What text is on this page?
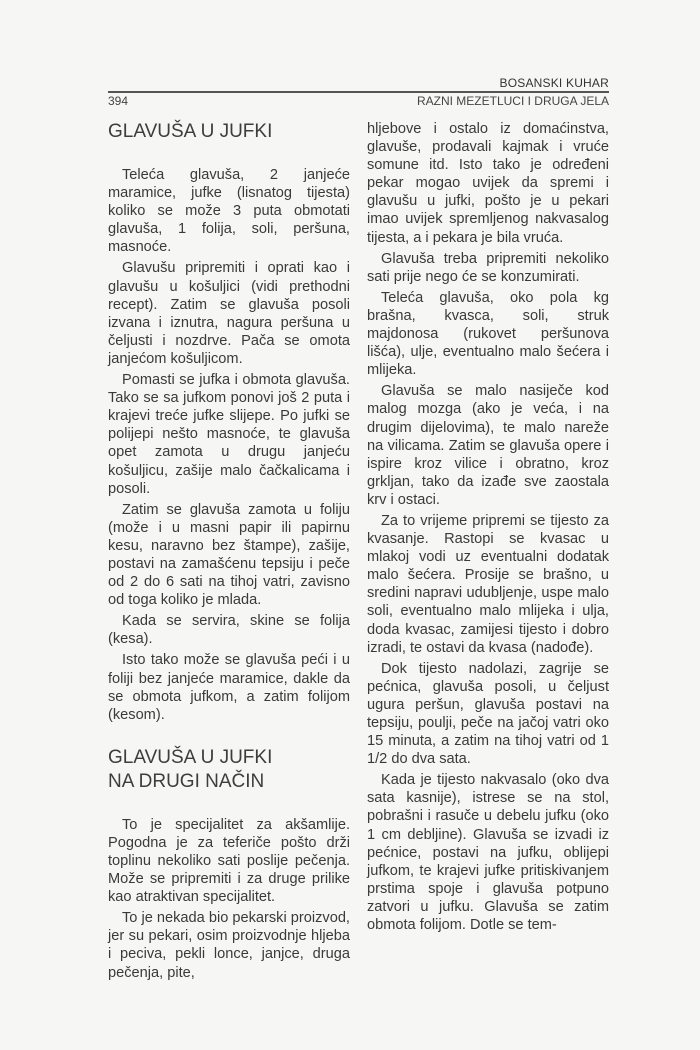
BOSANSKI KUHAR
394	RAZNI MEZETLUCI I DRUGA JELA
GLAVUŠA U JUFKI

Teleća glavuša, 2 janjeće maramice, jufke (lisnatog tijesta) koliko se može 3 puta obmotati glavuša, 1 folija, soli, peršuna, masnoće.

Glavušu pripremiti i oprati kao i glavušu u košuljici (vidi prethodni recept). Zatim se glavuša posoli izvana i iznutra, nagura peršuna u čeljusti i nozdrve. Pača se omota janjećom košuljicom.

Pomasti se jufka i obmota glavuša. Tako se sa jufkom ponovi još 2 puta i krajevi treće jufke slijepe. Po jufki se polijepi nešto masnoće, te glavuša opet zamota u drugu janjeću košuljicu, zašije malo čačkalicama i posoli.

Zatim se glavuša zamota u foliju (može i u masni papir ili papirnu kesu, naravno bez štampe), zašije, postavi na zamašćenu tepsiju i peče od 2 do 6 sati na tihoj vatri, zavisno od toga koliko je mlada.

Kada se servira, skine se folija (kesa).

Isto tako može se glavuša peći i u foliji bez janjeće maramice, dakle da se obmota jufkom, a zatim folijom (kesom).

GLAVUŠA U JUFKI
NA DRUGI NAČIN

To je specijalitet za akšamlije. Pogodna je za teferiče pošto drži toplinu nekoliko sati poslije pečenja. Može se pripremiti i za druge prilike kao atraktivan specijalitet.

To je nekada bio pekarski proizvod, jer su pekari, osim proizvodnje hljeba i peciva, pekli lonce, janjce, druga pečenja, pite,

hljebove i ostalo iz domaćinstva, glavuše, prodavali kajmak i vruće somune itd. Isto tako je određeni pekar mogao uvijek da spremi i glavušu u jufki, pošto je u pekari imao uvijek spremljenog nakvasalog tijesta, a i pekara je bila vruća.

Glavuša treba pripremiti nekoliko sati prije nego će se konzumirati.

Teleća glavuša, oko pola kg brašna, kvasca, soli, struk majdonosa (rukovet peršunova lišća), ulje, eventualno malo šećera i mlijeka.

Glavuša se malo nasiječe kod malog mozga (ako je veća, i na drugim dijelovima), te malo nareže na vilicama. Zatim se glavuša opere i ispire kroz vilice i obratno, kroz grkljan, tako da izađe sve zaostala krv i ostaci.

Za to vrijeme pripremi se tijesto za kvasanje. Rastopi se kvasac u mlakoj vodi uz eventualni dodatak malo šećera. Prosije se brašno, u sredini napravi udubljenje, uspe malo soli, eventualno malo mlijeka i ulja, doda kvasac, zamijesi tijesto i dobro izradi, te ostavi da kvasa (nadođe).

Dok tijesto nadolazi, zagrije se pećnica, glavuša posoli, u čeljust ugura peršun, glavuša postavi na tepsiju, poulji, peče na jačoj vatri oko 15 minuta, a zatim na tihoj vatri od 1 1/2 do dva sata.

Kada je tijesto nakvasalo (oko dva sata kasnije), istrese se na stol, pobrašni i rasuče u debelu jufku (oko 1 cm debljine). Glavuša se izvadi iz pećnice, postavi na jufku, oblijepi jufkom, te krajevi jufke pritiskivanjem prstima spoje i glavuša potpuno zatvori u jufku. Glavuša se zatim obmota folijom. Dotle se tem-
